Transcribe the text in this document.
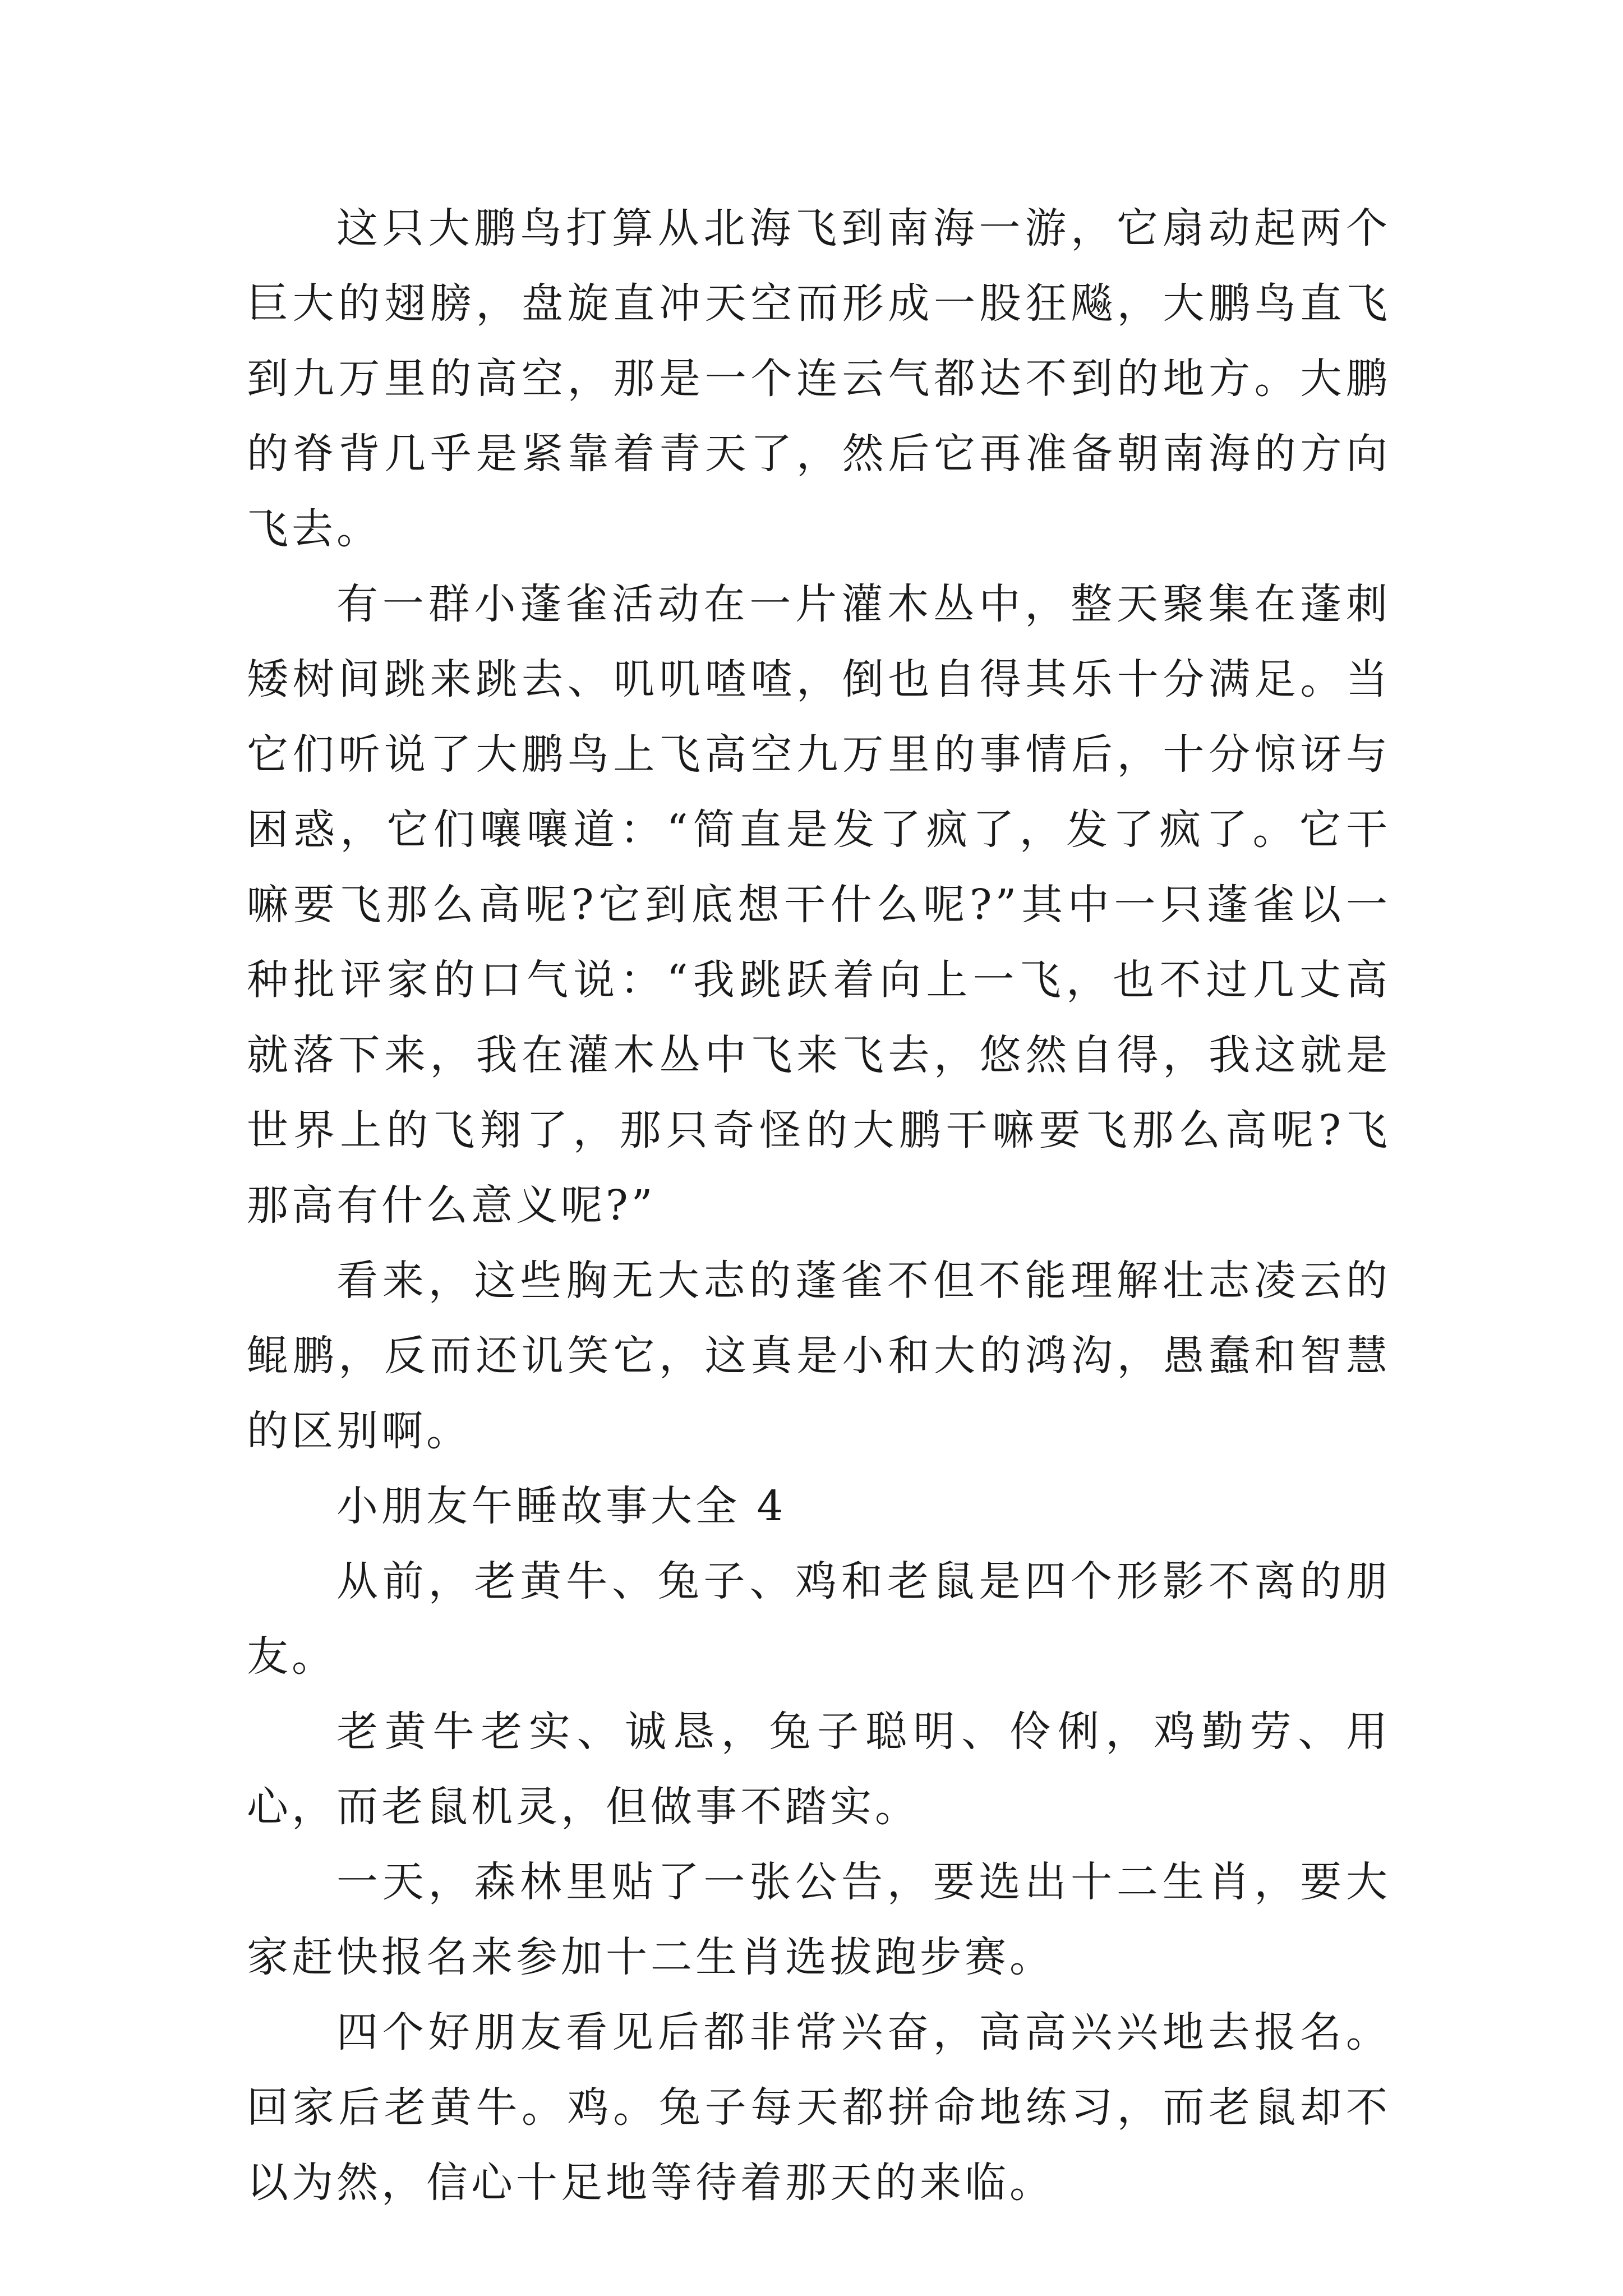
这只大鹏鸟打算从北海飞到南海一游，它扇动起两个巨大的翅膀，盘旋直冲天空而形成一股狂飚，大鹏鸟直飞到九万里的高空，那是一个连云气都达不到的地方。大鹏的脊背几乎是紧靠着青天了，然后它再准备朝南海的方向飞去。

有一群小蓬雀活动在一片灌木丛中，整天聚集在蓬刺矮树间跳来跳去、叽叽喳喳，倒也自得其乐十分满足。当它们听说了大鹏鸟上飞高空九万里的事情后，十分惊讶与困惑，它们嚷嚷道：“简直是发了疯了，发了疯了。它干嘛要飞那么高呢?它到底想干什么呢?”其中一只蓬雀以一种批评家的口气说：“我跳跃着向上一飞，也不过几丈高就落下来，我在灌木丛中飞来飞去，悠然自得，我这就是世界上的飞翔了，那只奇怪的大鹏干嘛要飞那么高呢?飞那高有什么意义呢?”

看来，这些胸无大志的蓬雀不但不能理解壮志凌云的鲲鹏，反而还讥笑它，这真是小和大的鸿沟，愚蠢和智慧的区别啊。

小朋友午睡故事大全 4

从前，老黄牛、兔子、鸡和老鼠是四个形影不离的朋友。

老黄牛老实、诚恳，兔子聪明、伶俐，鸡勤劳、用心，而老鼠机灵，但做事不踏实。

一天，森林里贴了一张公告，要选出十二生肖，要大家赶快报名来参加十二生肖选拔跑步赛。

四个好朋友看见后都非常兴奋，高高兴兴地去报名。回家后老黄牛。鸡。兔子每天都拼命地练习，而老鼠却不以为然，信心十足地等待着那天的来临。
